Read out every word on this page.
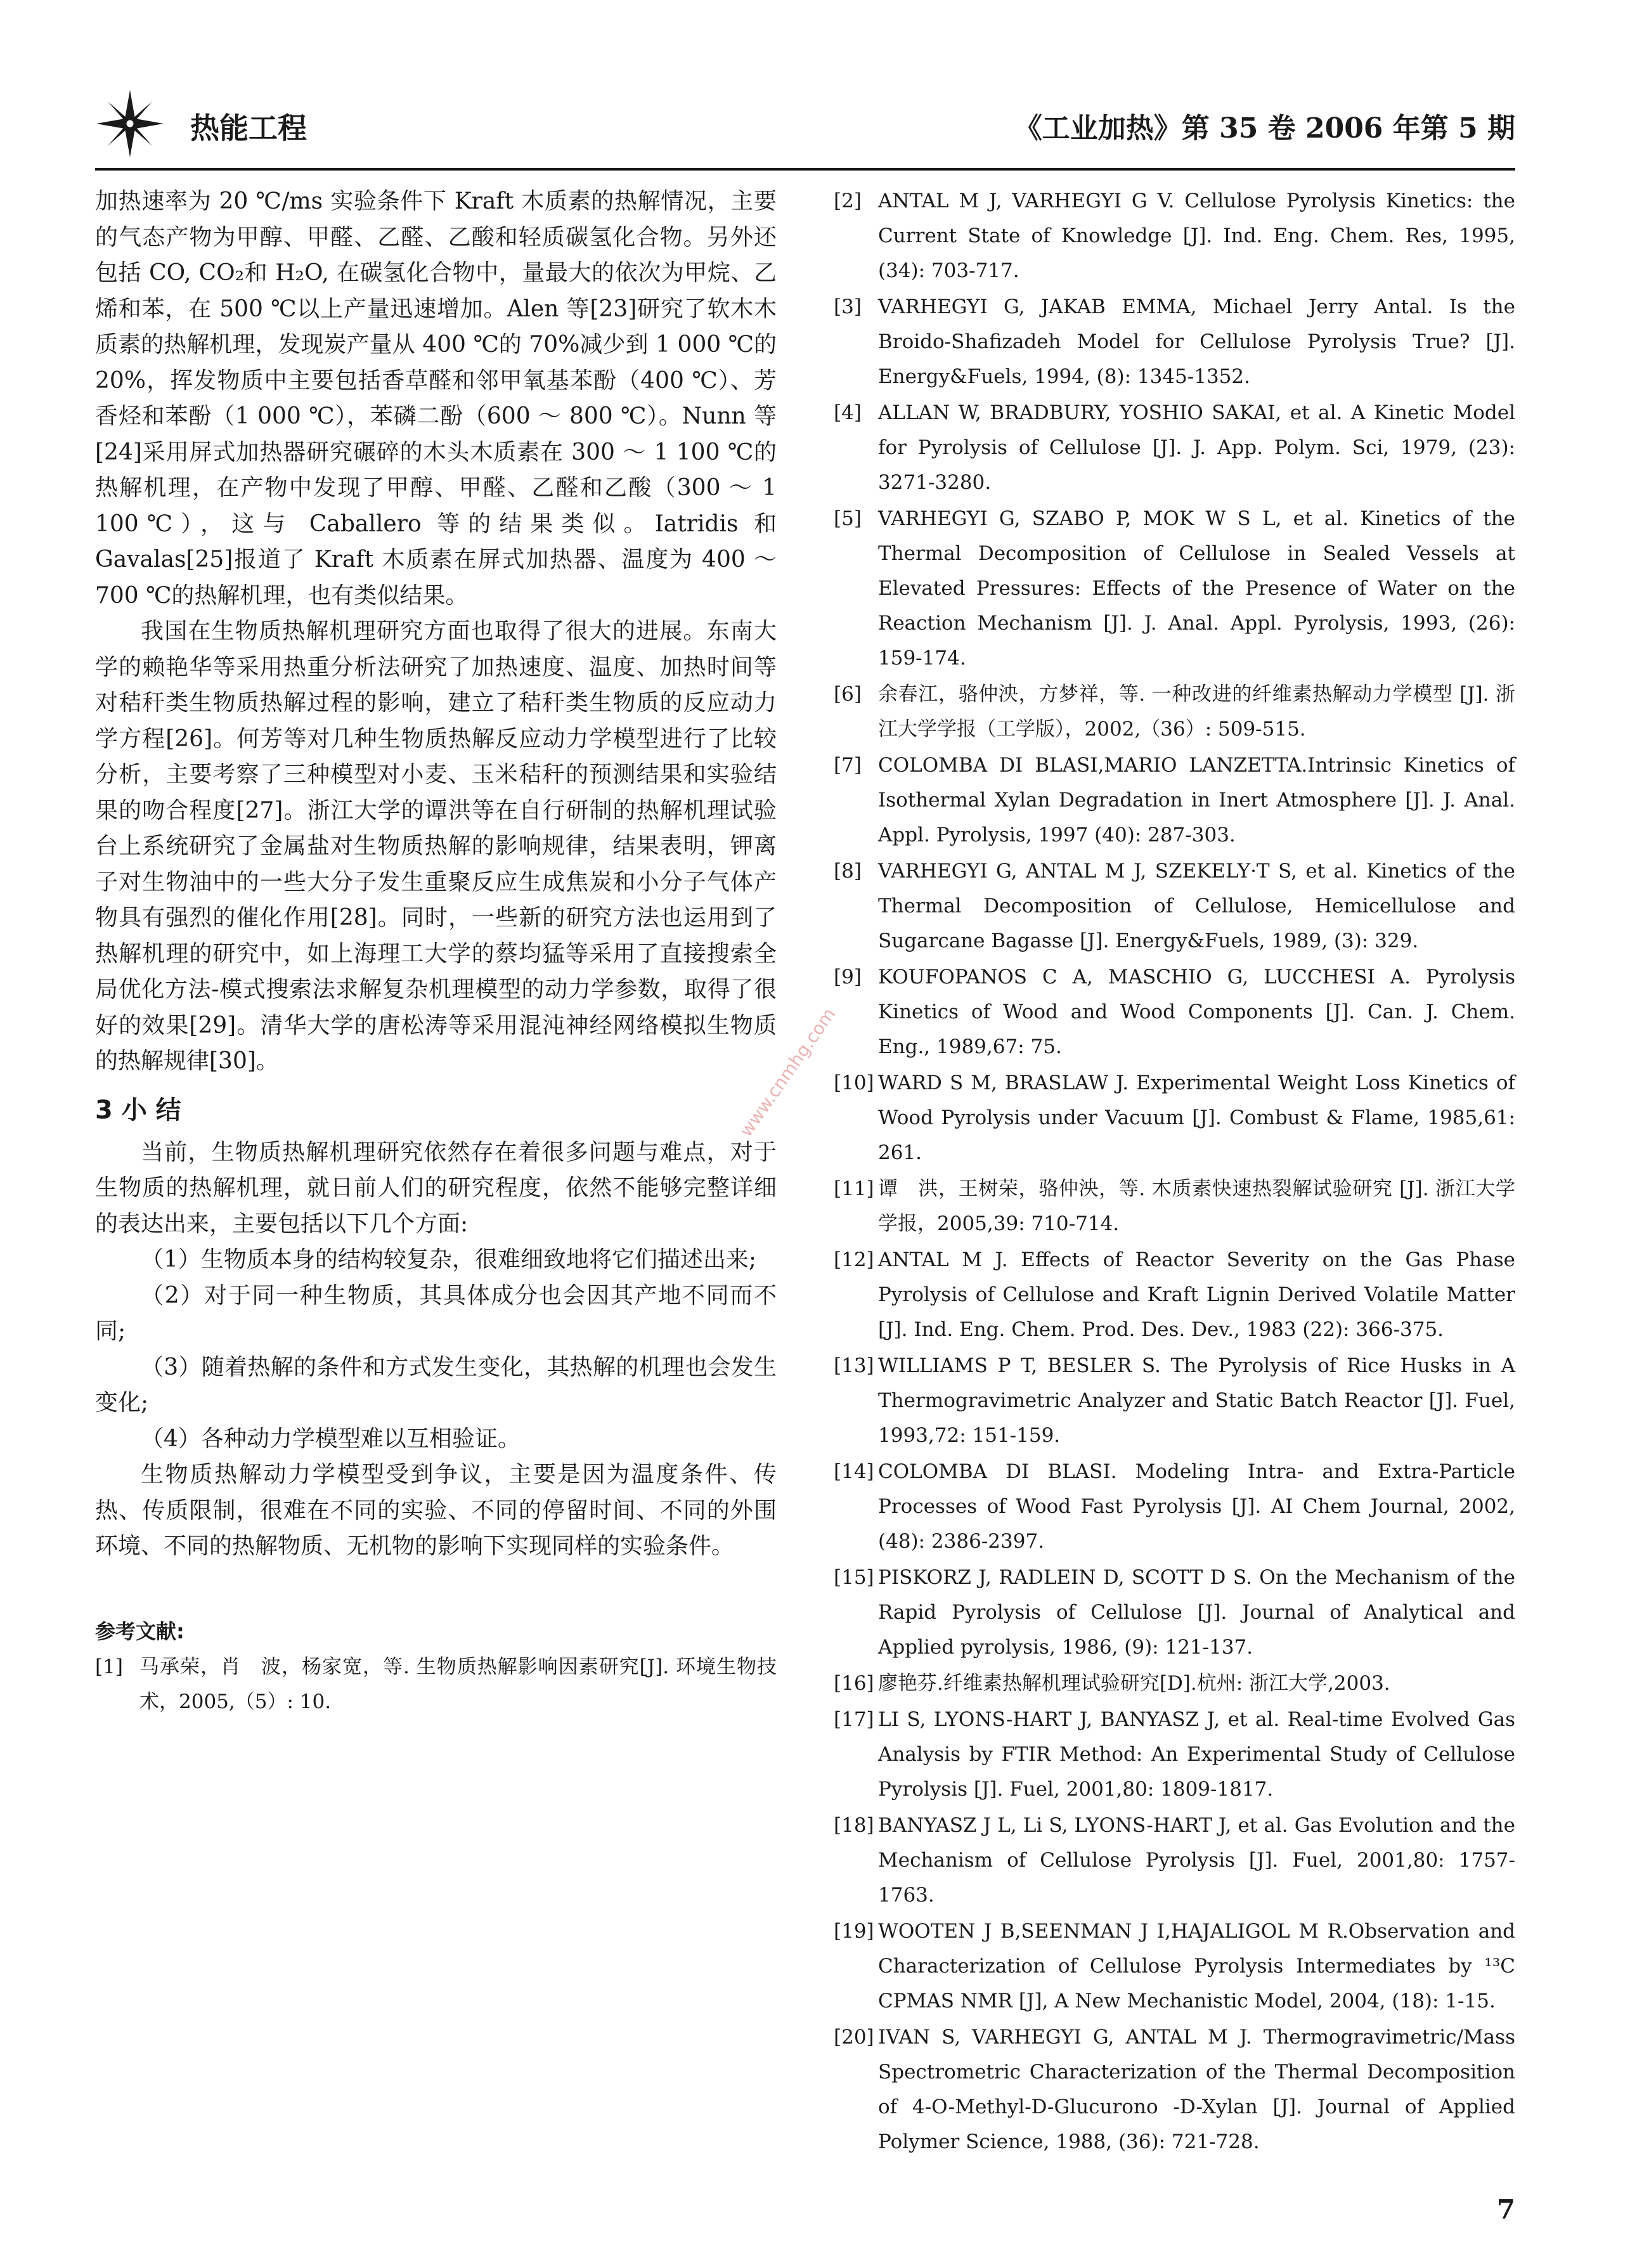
热能工程	《工业加热》第 35 卷 2006 年第 5 期

加热速率为 20 ℃/ms 实验条件下 Kraft 木质素的热解情况，主要的气态产物为甲醇、甲醛、乙醛、乙酸和轻质碳氢化合物。另外还包括 CO, CO₂和 H₂O, 在碳氢化合物中，量最大的依次为甲烷、乙烯和苯，在 500 ℃以上产量迅速增加。Alen 等[23]研究了软木木质素的热解机理，发现炭产量从 400 ℃的 70%减少到 1 000 ℃的 20%，挥发物质中主要包括香草醛和邻甲氧基苯酚（400 ℃）、芳香烃和苯酚（1 000 ℃），苯磷二酚（600 ～ 800 ℃）。Nunn 等[24]采用屏式加热器研究碾碎的木头木质素在 300 ～ 1 100 ℃的热解机理，在产物中发现了甲醇、甲醛、乙醛和乙酸（300 ～ 1 100℃），这与 Caballero 等的结果类似。Iatridis 和 Gavalas[25]报道了 Kraft 木质素在屏式加热器、温度为 400 ～ 700 ℃的热解机理，也有类似结果。

我国在生物质热解机理研究方面也取得了很大的进展。东南大学的赖艳华等采用热重分析法研究了加热速度、温度、加热时间等对秸秆类生物质热解过程的影响，建立了秸秆类生物质的反应动力学方程[26]。何芳等对几种生物质热解反应动力学模型进行了比较分析，主要考察了三种模型对小麦、玉米秸秆的预测结果和实验结果的吻合程度[27]。浙江大学的谭洪等在自行研制的热解机理试验台上系统研究了金属盐对生物质热解的影响规律，结果表明，钾离子对生物油中的一些大分子发生重聚反应生成焦炭和小分子气体产物具有强烈的催化作用[28]。同时，一些新的研究方法也运用到了热解机理的研究中，如上海理工大学的蔡均猛等采用了直接搜索全局优化方法-模式搜索法求解复杂机理模型的动力学参数，取得了很好的效果[29]。清华大学的唐松涛等采用混沌神经网络模拟生物质的热解规律[30]。

3 小 结

当前，生物质热解机理研究依然存在着很多问题与难点，对于生物质的热解机理，就日前人们的研究程度，依然不能够完整详细的表达出来，主要包括以下几个方面:

（1）生物质本身的结构较复杂，很难细致地将它们描述出来;

（2）对于同一种生物质，其具体成分也会因其产地不同而不同;

（3）随着热解的条件和方式发生变化，其热解的机理也会发生变化;

（4）各种动力学模型难以互相验证。

生物质热解动力学模型受到争议，主要是因为温度条件、传热、传质限制，很难在不同的实验、不同的停留时间、不同的外围环境、不同的热解物质、无机物的影响下实现同样的实验条件。

参考文献:
[1] 马承荣，肖　波，杨家宽，等. 生物质热解影响因素研究[J]. 环境生物技术，2005,（5）: 10.
[2] ANTAL M J, VARHEGYI G V. Cellulose Pyrolysis Kinetics: the Current State of Knowledge [J]. Ind. Eng. Chem. Res, 1995, (34): 703-717.
[3] VARHEGYI G, JAKAB EMMA, Michael Jerry Antal. Is the Broido-Shafizadeh Model for Cellulose Pyrolysis True? [J]. Energy&Fuels, 1994, (8): 1345-1352.
[4] ALLAN W, BRADBURY, YOSHIO SAKAI, et al. A Kinetic Model for Pyrolysis of Cellulose [J]. J. App. Polym. Sci, 1979, (23): 3271-3280.
[5] VARHEGYI G, SZABO P, MOK W S L, et al. Kinetics of the Thermal Decomposition of Cellulose in Sealed Vessels at Elevated Pressures: Effects of the Presence of Water on the Reaction Mechanism [J]. J. Anal. Appl. Pyrolysis, 1993, (26): 159-174.
[6] 余春江，骆仲泱，方梦祥，等. 一种改进的纤维素热解动力学模型 [J]. 浙江大学学报（工学版），2002,（36）: 509-515.
[7] COLOMBA DI BLASI,MARIO LANZETTA.Intrinsic Kinetics of Isothermal Xylan Degradation in Inert Atmosphere [J]. J. Anal. Appl. Pyrolysis, 1997 (40): 287-303.
[8] VARHEGYI G, ANTAL M J, SZEKELY·T S, et al. Kinetics of the Thermal Decomposition of Cellulose, Hemicellulose and Sugarcane Bagasse [J]. Energy&Fuels, 1989, (3): 329.
[9] KOUFOPANOS C A, MASCHIO G, LUCCHESI A. Pyrolysis Kinetics of Wood and Wood Components [J]. Can. J. Chem. Eng., 1989,67: 75.
[10] WARD S M, BRASLAW J. Experimental Weight Loss Kinetics of Wood Pyrolysis under Vacuum [J]. Combust & Flame, 1985,61: 261.
[11] 谭　洪，王树荣，骆仲泱，等. 木质素快速热裂解试验研究 [J]. 浙江大学学报，2005,39: 710-714.
[12] ANTAL M J. Effects of Reactor Severity on the Gas Phase Pyrolysis of Cellulose and Kraft Lignin Derived Volatile Matter [J]. Ind. Eng. Chem. Prod. Des. Dev., 1983 (22): 366-375.
[13] WILLIAMS P T, BESLER S. The Pyrolysis of Rice Husks in A Thermogravimetric Analyzer and Static Batch Reactor [J]. Fuel, 1993,72: 151-159.
[14] COLOMBA DI BLASI. Modeling Intra- and Extra-Particle Processes of Wood Fast Pyrolysis [J]. AI Chem Journal, 2002, (48): 2386-2397.
[15] PISKORZ J, RADLEIN D, SCOTT D S. On the Mechanism of the Rapid Pyrolysis of Cellulose [J]. Journal of Analytical and Applied pyrolysis, 1986, (9): 121-137.
[16] 廖艳芬.纤维素热解机理试验研究[D].杭州: 浙江大学,2003.
[17] LI S, LYONS-HART J, BANYASZ J, et al. Real-time Evolved Gas Analysis by FTIR Method: An Experimental Study of Cellulose Pyrolysis [J]. Fuel, 2001,80: 1809-1817.
[18] BANYASZ J L, Li S, LYONS-HART J, et al. Gas Evolution and the Mechanism of Cellulose Pyrolysis [J]. Fuel, 2001,80: 1757-1763.
[19] WOOTEN J B,SEENMAN J I,HAJALIGOL M R.Observation and Characterization of Cellulose Pyrolysis Intermediates by ¹³C CPMAS NMR [J], A New Mechanistic Model, 2004, (18): 1-15.
[20] IVAN S, VARHEGYI G, ANTAL M J. Thermogravimetric/Mass Spectrometric Characterization of the Thermal Decomposition of 4-O-Methyl-D-Glucurono -D-Xylan [J]. Journal of Applied Polymer Science, 1988, (36): 721-728.
www.cnmhg.com
7
